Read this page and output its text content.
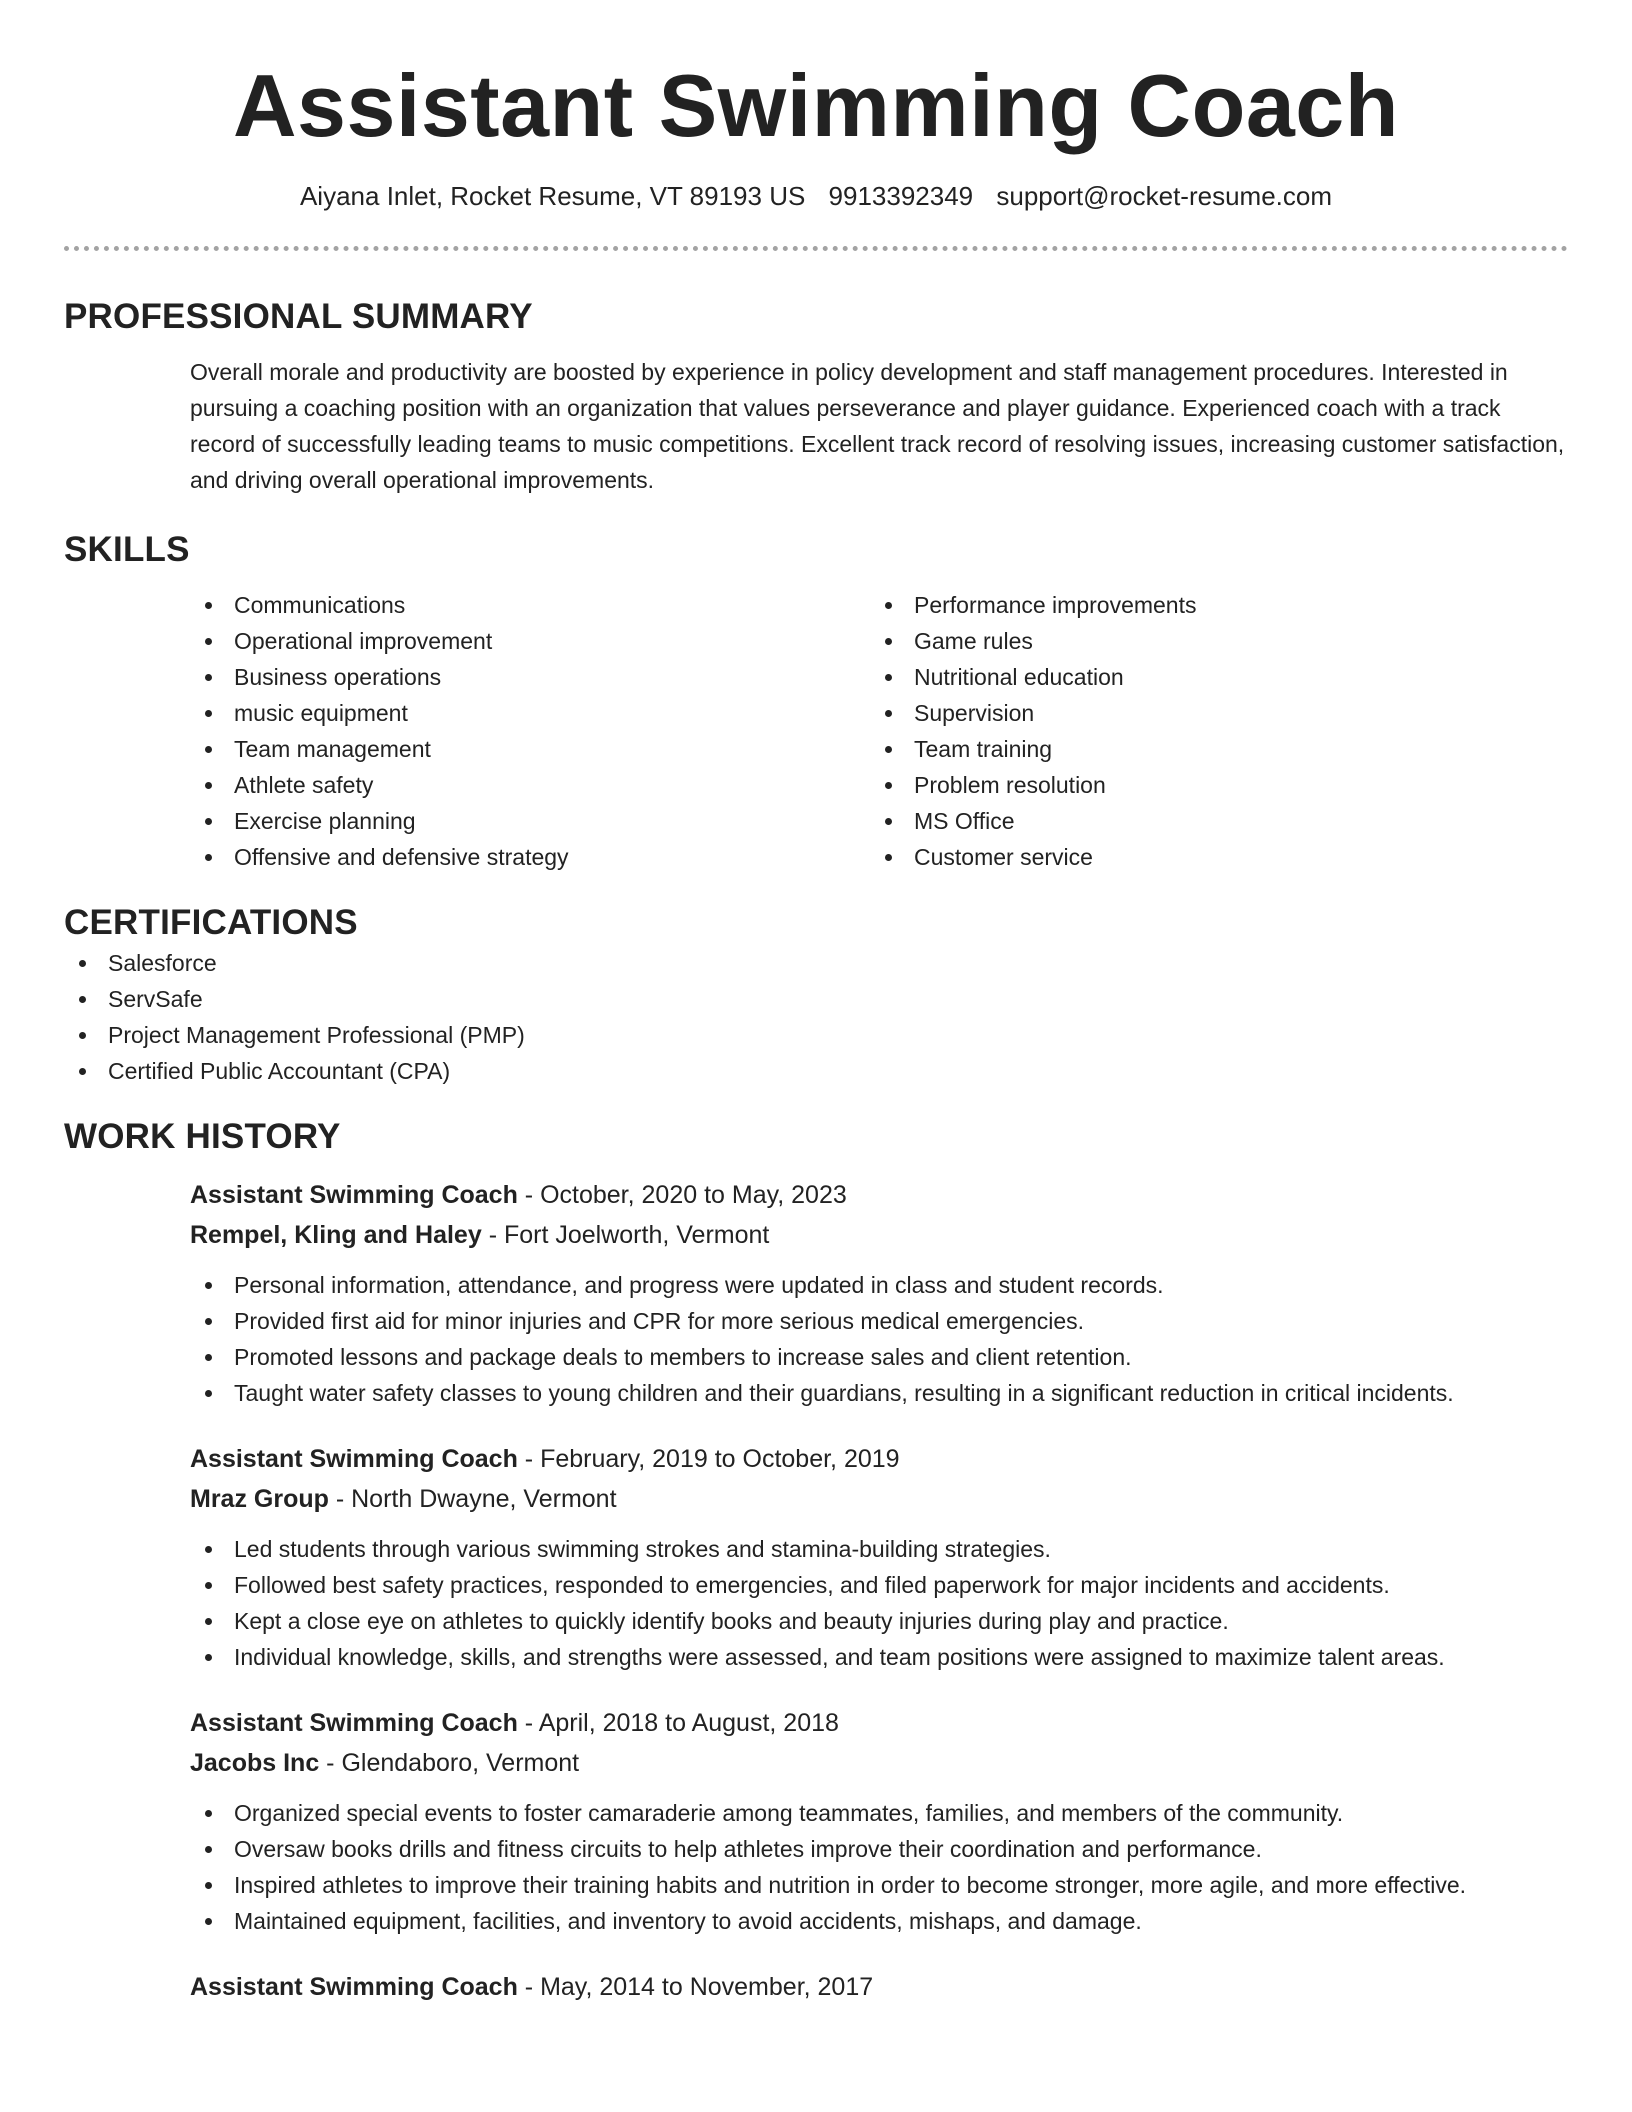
Assistant Swimming Coach
Aiyana Inlet, Rocket Resume, VT 89193 US 9913392349 support@rocket-resume.com
PROFESSIONAL SUMMARY
Overall morale and productivity are boosted by experience in policy development and staff management procedures. Interested in pursuing a coaching position with an organization that values perseverance and player guidance. Experienced coach with a track record of successfully leading teams to music competitions. Excellent track record of resolving issues, increasing customer satisfaction, and driving overall operational improvements.
SKILLS
Communications
Operational improvement
Business operations
music equipment
Team management
Athlete safety
Exercise planning
Offensive and defensive strategy
Performance improvements
Game rules
Nutritional education
Supervision
Team training
Problem resolution
MS Office
Customer service
CERTIFICATIONS
Salesforce
ServSafe
Project Management Professional (PMP)
Certified Public Accountant (CPA)
WORK HISTORY
Assistant Swimming Coach - October, 2020 to May, 2023
Rempel, Kling and Haley - Fort Joelworth, Vermont
Personal information, attendance, and progress were updated in class and student records.
Provided first aid for minor injuries and CPR for more serious medical emergencies.
Promoted lessons and package deals to members to increase sales and client retention.
Taught water safety classes to young children and their guardians, resulting in a significant reduction in critical incidents.
Assistant Swimming Coach - February, 2019 to October, 2019
Mraz Group - North Dwayne, Vermont
Led students through various swimming strokes and stamina-building strategies.
Followed best safety practices, responded to emergencies, and filed paperwork for major incidents and accidents.
Kept a close eye on athletes to quickly identify books and beauty injuries during play and practice.
Individual knowledge, skills, and strengths were assessed, and team positions were assigned to maximize talent areas.
Assistant Swimming Coach - April, 2018 to August, 2018
Jacobs Inc - Glendaboro, Vermont
Organized special events to foster camaraderie among teammates, families, and members of the community.
Oversaw books drills and fitness circuits to help athletes improve their coordination and performance.
Inspired athletes to improve their training habits and nutrition in order to become stronger, more agile, and more effective.
Maintained equipment, facilities, and inventory to avoid accidents, mishaps, and damage.
Assistant Swimming Coach - May, 2014 to November, 2017
